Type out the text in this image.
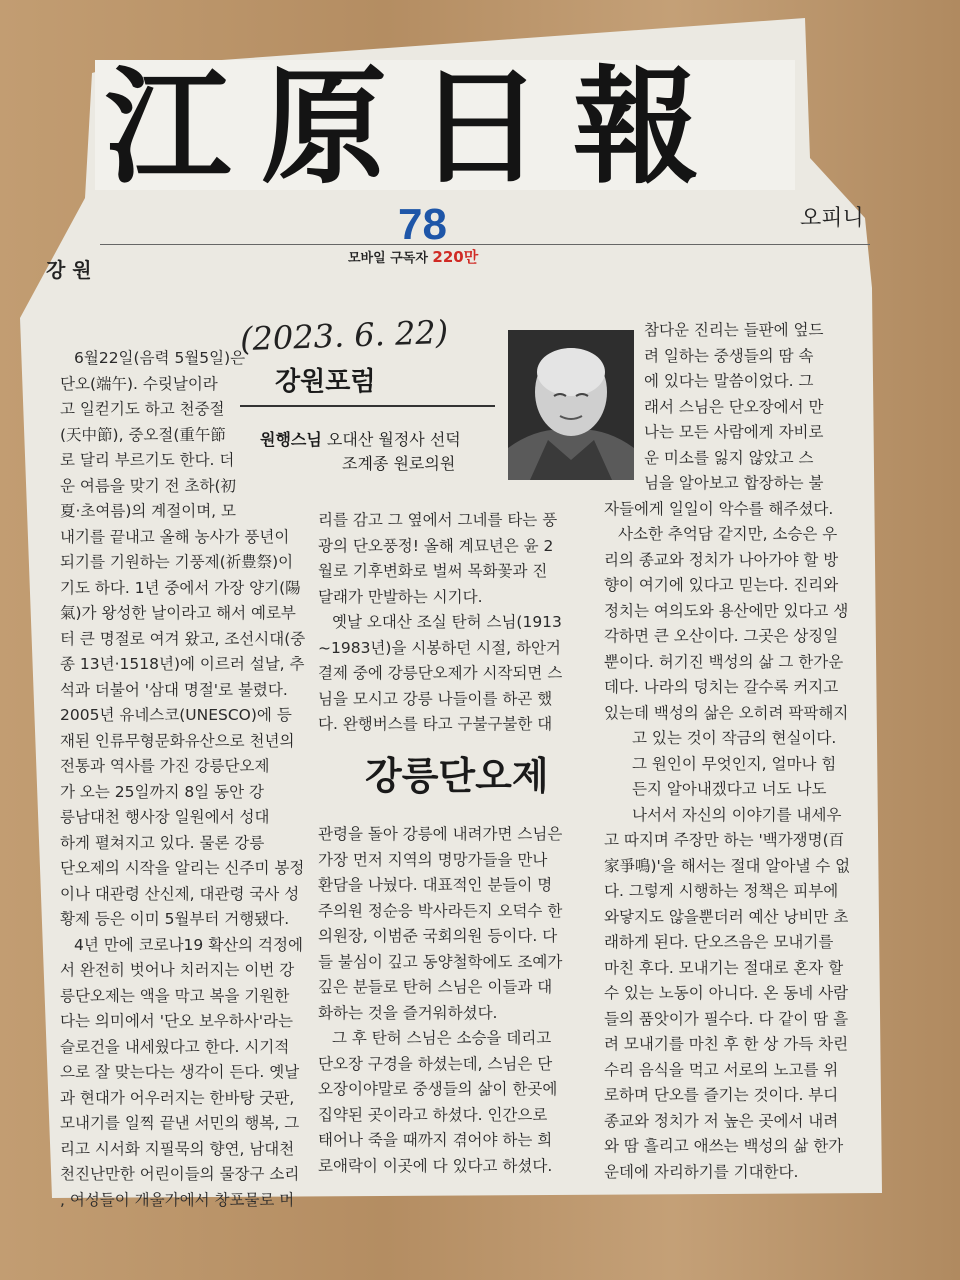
江原日報
78
모바일 구독자 220만
강 원
오피니
(2023. 6. 22)
강원포럼
원행스님 오대산 월정사 선덕
조계종 원로의원
강릉단오제

6월22일(음력 5월5일)은

단오(端午). 수릿날이라

고 일컫기도 하고 천중절

(天中節), 중오절(重午節

로 달리 부르기도 한다. 더

운 여름을 맞기 전 초하(初

夏·초여름)의 계절이며, 모

내기를 끝내고 올해 농사가 풍년이

되기를 기원하는 기풍제(祈豊祭)이

기도 하다. 1년 중에서 가장 양기(陽

氣)가 왕성한 날이라고 해서 예로부

터 큰 명절로 여겨 왔고, 조선시대(중

종 13년·1518년)에 이르러 설날, 추

석과 더불어 '삼대 명절'로 불렸다.

2005년 유네스코(UNESCO)에 등

재된 인류무형문화유산으로 천년의

전통과 역사를 가진 강릉단오제

가 오는 25일까지 8일 동안 강

릉남대천 행사장 일원에서 성대

하게 펼쳐지고 있다. 물론 강릉

단오제의 시작을 알리는 신주미 봉정

이나 대관령 산신제, 대관령 국사 성

황제 등은 이미 5월부터 거행됐다.

4년 만에 코로나19 확산의 걱정에

서 완전히 벗어나 치러지는 이번 강

릉단오제는 액을 막고 복을 기원한

다는 의미에서 '단오 보우하사'라는

슬로건을 내세웠다고 한다. 시기적

으로 잘 맞는다는 생각이 든다. 옛날

과 현대가 어우러지는 한바탕 굿판,

모내기를 일찍 끝낸 서민의 행복, 그

리고 시서화 지필묵의 향연, 남대천

천진난만한 어린이들의 물장구 소리

, 여성들이 개울가에서 창포물로 머

리를 감고 그 옆에서 그네를 타는 풍

광의 단오풍정! 올해 계묘년은 윤 2

월로 기후변화로 벌써 목화꽃과 진

달래가 만발하는 시기다.

옛날 오대산 조실 탄허 스님(1913

~1983년)을 시봉하던 시절, 하안거

결제 중에 강릉단오제가 시작되면 스

님을 모시고 강릉 나들이를 하곤 했

다. 완행버스를 타고 구불구불한 대

관령을 돌아 강릉에 내려가면 스님은

가장 먼저 지역의 명망가들을 만나

환담을 나눴다. 대표적인 분들이 명

주의원 정순응 박사라든지 오덕수 한

의원장, 이범준 국회의원 등이다. 다

들 불심이 깊고 동양철학에도 조예가

깊은 분들로 탄허 스님은 이들과 대

화하는 것을 즐거워하셨다.

그 후 탄허 스님은 소승을 데리고

단오장 구경을 하셨는데, 스님은 단

오장이야말로 중생들의 삶이 한곳에

집약된 곳이라고 하셨다. 인간으로

태어나 죽을 때까지 겪어야 하는 희

로애락이 이곳에 다 있다고 하셨다.

참다운 진리는 들판에 엎드

려 일하는 중생들의 땀 속

에 있다는 말씀이었다. 그

래서 스님은 단오장에서 만

나는 모든 사람에게 자비로

운 미소를 잃지 않았고 스

님을 알아보고 합장하는 불

자들에게 일일이 악수를 해주셨다.

사소한 추억담 같지만, 소승은 우

리의 종교와 정치가 나아가야 할 방

향이 여기에 있다고 믿는다. 진리와

정치는 여의도와 용산에만 있다고 생

각하면 큰 오산이다. 그곳은 상징일

뿐이다. 허기진 백성의 삶 그 한가운

데다. 나라의 덩치는 갈수록 커지고

있는데 백성의 삶은 오히려 팍팍해지

고 있는 것이 작금의 현실이다.

그 원인이 무엇인지, 얼마나 힘

든지 알아내겠다고 너도 나도

나서서 자신의 이야기를 내세우

고 따지며 주장만 하는 '백가쟁명(百

家爭鳴)'을 해서는 절대 알아낼 수 없

다. 그렇게 시행하는 정책은 피부에

와닿지도 않을뿐더러 예산 낭비만 초

래하게 된다. 단오즈음은 모내기를

마친 후다. 모내기는 절대로 혼자 할

수 있는 노동이 아니다. 온 동네 사람

들의 품앗이가 필수다. 다 같이 땀 흘

려 모내기를 마친 후 한 상 가득 차린

수리 음식을 먹고 서로의 노고를 위

로하며 단오를 즐기는 것이다. 부디

종교와 정치가 저 높은 곳에서 내려

와 땀 흘리고 애쓰는 백성의 삶 한가

운데에 자리하기를 기대한다.
